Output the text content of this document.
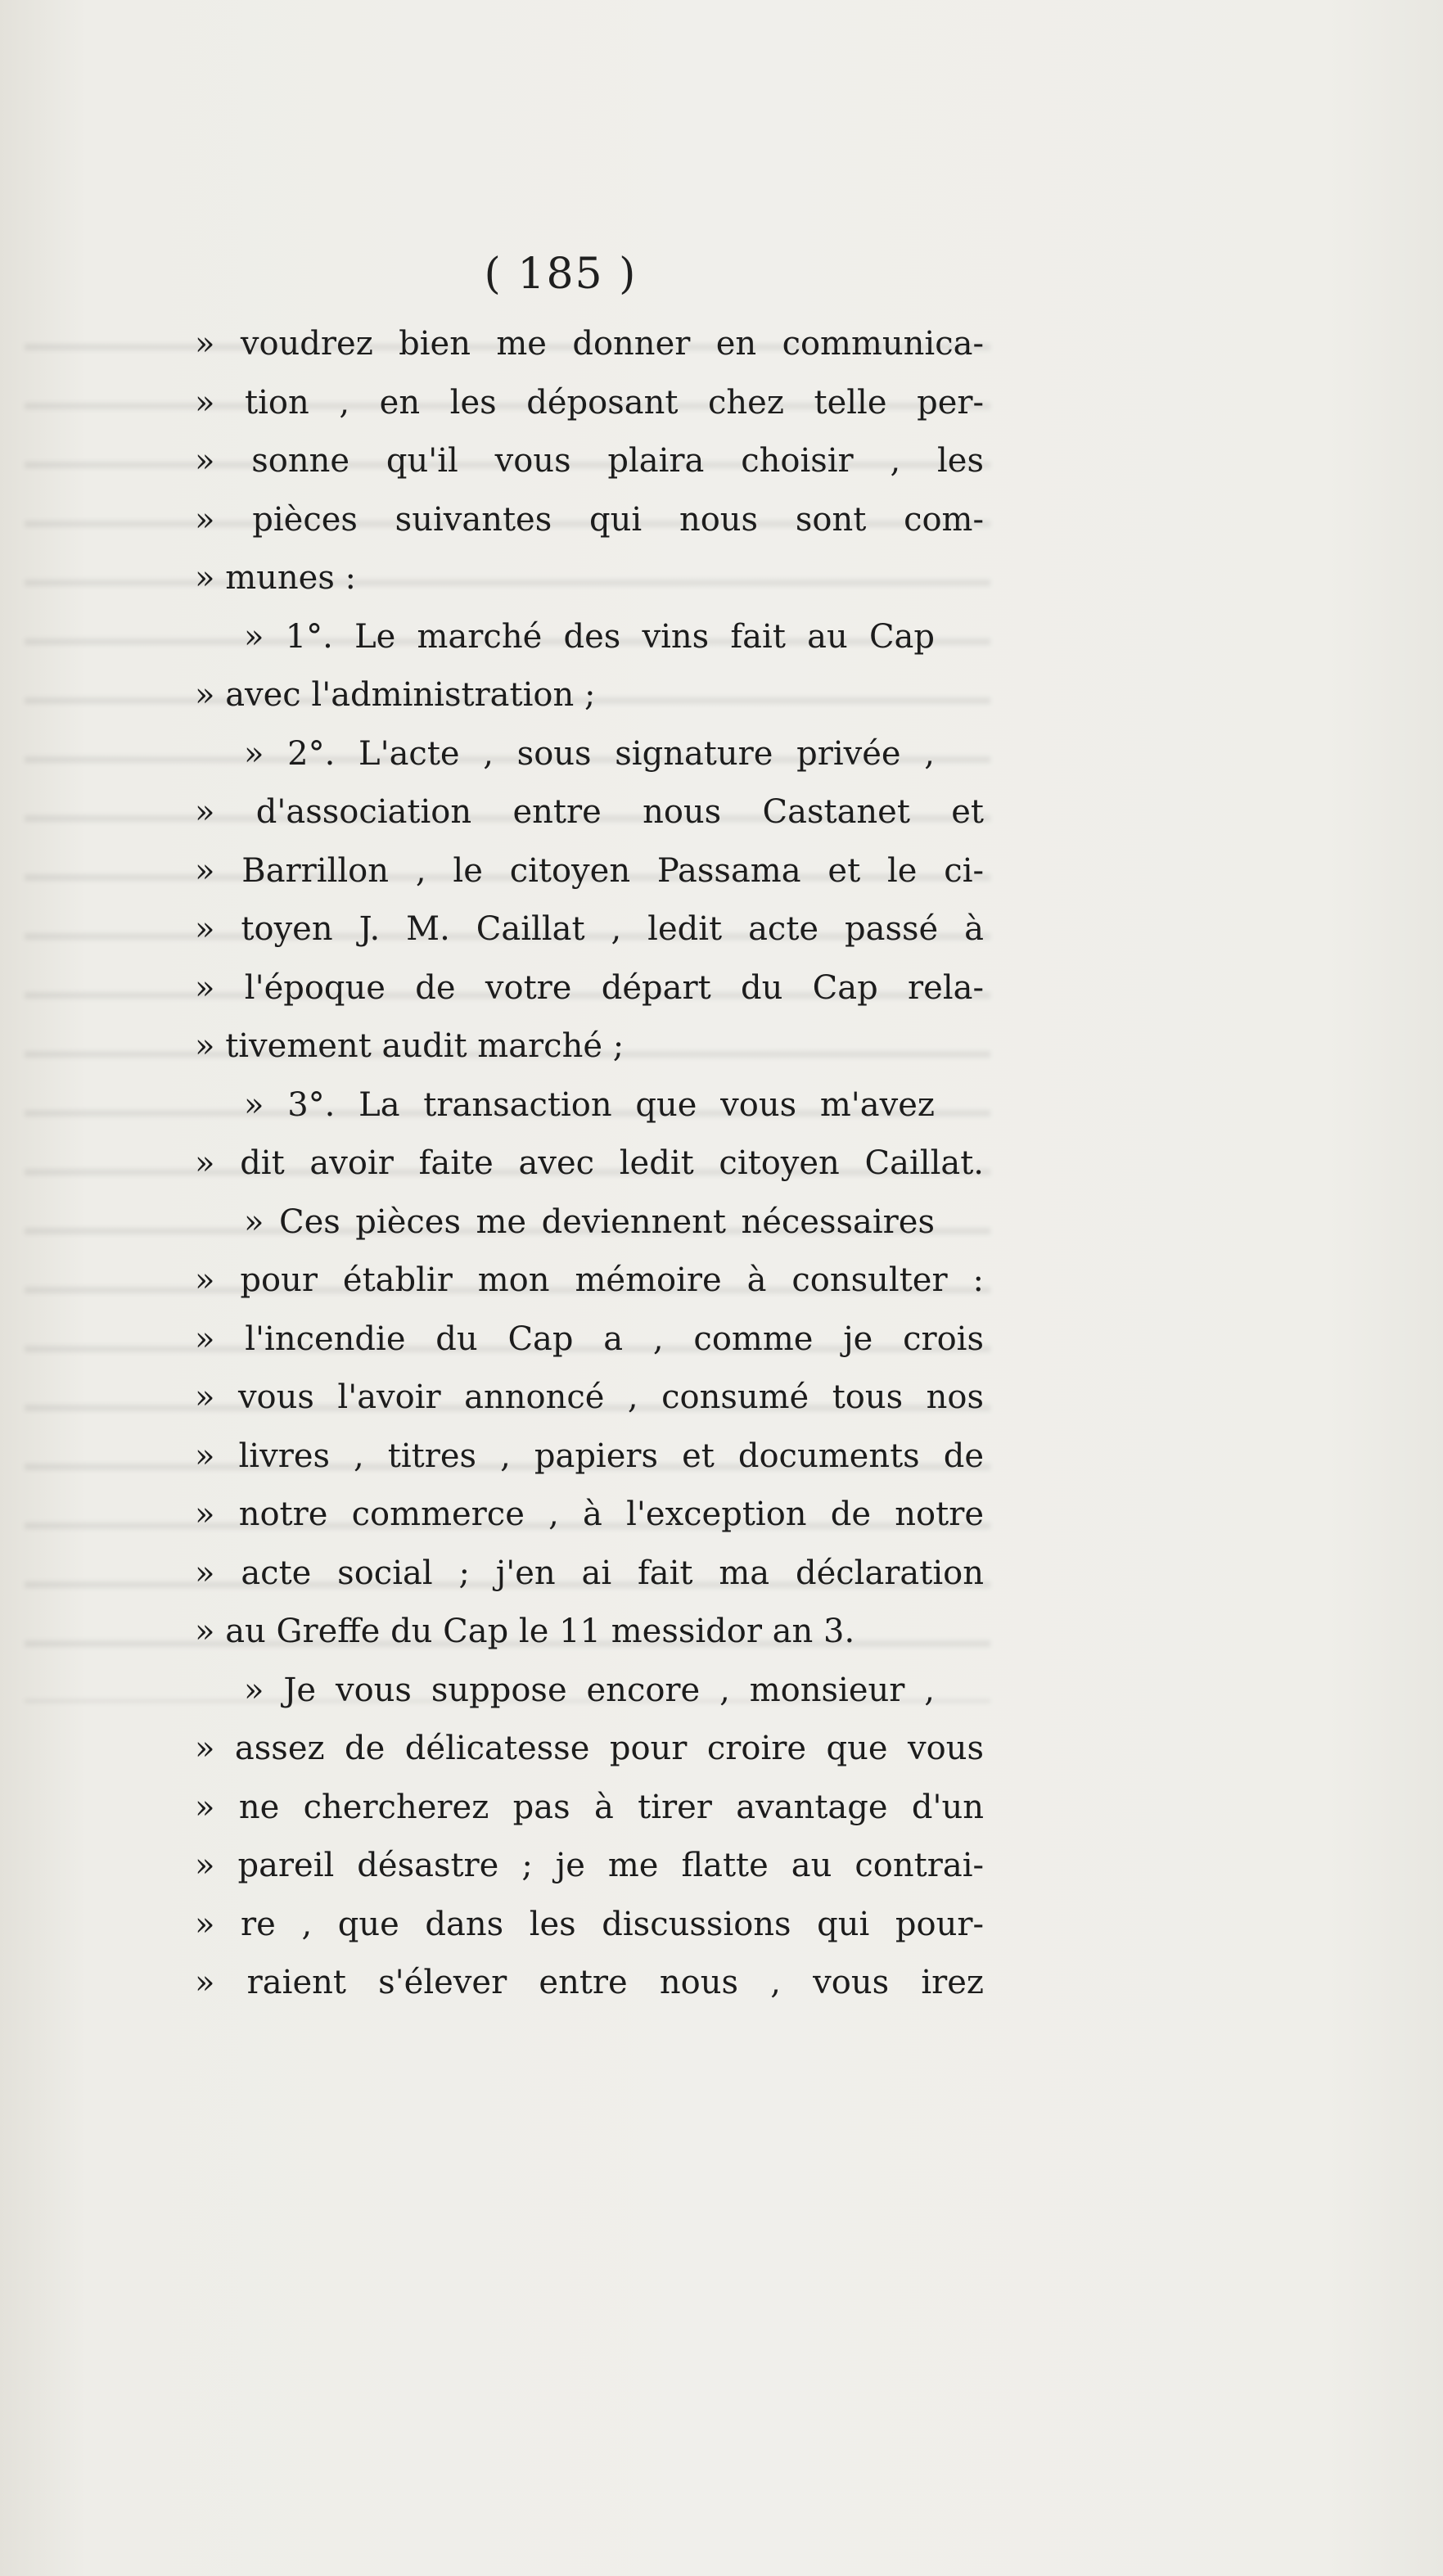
( 185 )
» voudrez bien me donner en communica-
» tion , en les déposant chez telle per-
» sonne qu'il vous plaira choisir , les
» pièces suivantes qui nous sont com-
» munes :
» 1°. Le marché des vins fait au Cap
» avec l'administration ;
» 2°. L'acte , sous signature privée ,
» d'association entre nous Castanet et
» Barrillon , le citoyen Passama et le ci-
» toyen J. M. Caillat , ledit acte passé à
» l'époque de votre départ du Cap rela-
» tivement audit marché ;
» 3°. La transaction que vous m'avez
» dit avoir faite avec ledit citoyen Caillat.
» Ces pièces me deviennent nécessaires
» pour établir mon mémoire à consulter :
» l'incendie du Cap a , comme je crois
» vous l'avoir annoncé , consumé tous nos
» livres , titres , papiers et documents de
» notre commerce , à l'exception de notre
» acte social ; j'en ai fait ma déclaration
» au Greffe du Cap le 11 messidor an 3.
» Je vous suppose encore , monsieur ,
» assez de délicatesse pour croire que vous
» ne chercherez pas à tirer avantage d'un
» pareil désastre ; je me flatte au contrai-
» re , que dans les discussions qui pour-
» raient s'élever entre nous , vous irez
